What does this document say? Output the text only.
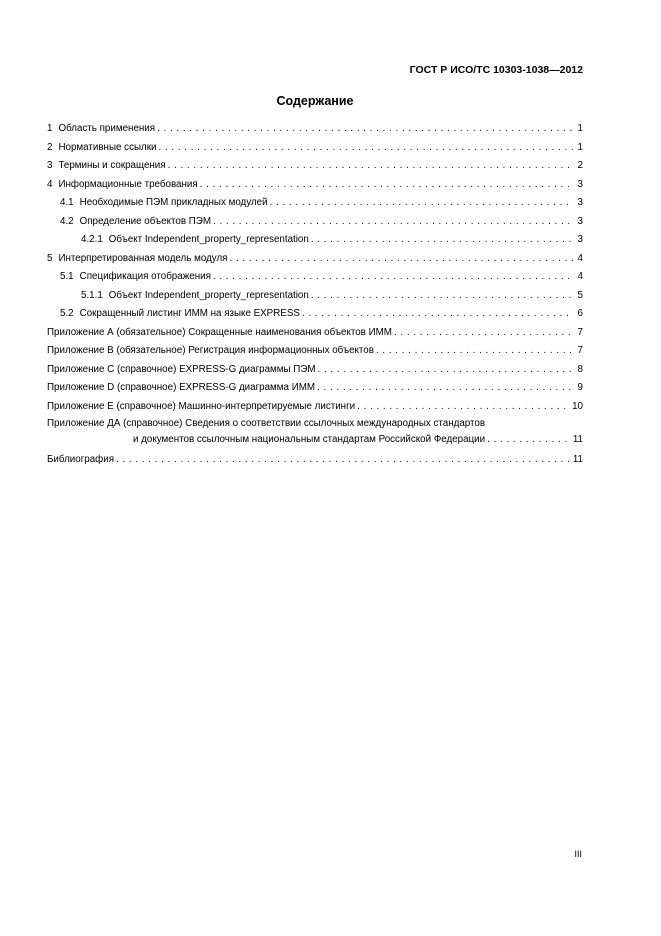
ГОСТ Р ИСО/ТС 10303-1038—2012
Содержание
1 Область применения . . .	1
2 Нормативные ссылки . . .	1
3 Термины и сокращения . . .	2
4 Информационные требования . . .	3
4.1 Необходимые ПЭМ прикладных модулей . . .	3
4.2 Определение объектов ПЭМ . . .	3
4.2.1 Объект Independent_property_representation . . .	3
5 Интерпретированная модель модуля . . .	4
5.1 Спецификация отображения . . .	4
5.1.1 Объект Independent_property_representation . . .	5
5.2 Сокращенный листинг ИММ на языке EXPRESS . . .	6
Приложение А (обязательное) Сокращенные наименования объектов ИММ . . .	7
Приложение В (обязательное) Регистрация информационных объектов . . .	7
Приложение С (справочное) EXPRESS-G диаграммы ПЭМ . . .	8
Приложение D (справочное) EXPRESS-G диаграмма ИММ . . .	9
Приложение Е (справочное) Машинно-интерпретируемые листинги . . .	10
Приложение ДА (справочное) Сведения о соответствии ссылочных международных стандартов
и документов ссылочным национальным стандартам Российской Федерации . . .	11
Библиография . . .	11
III
